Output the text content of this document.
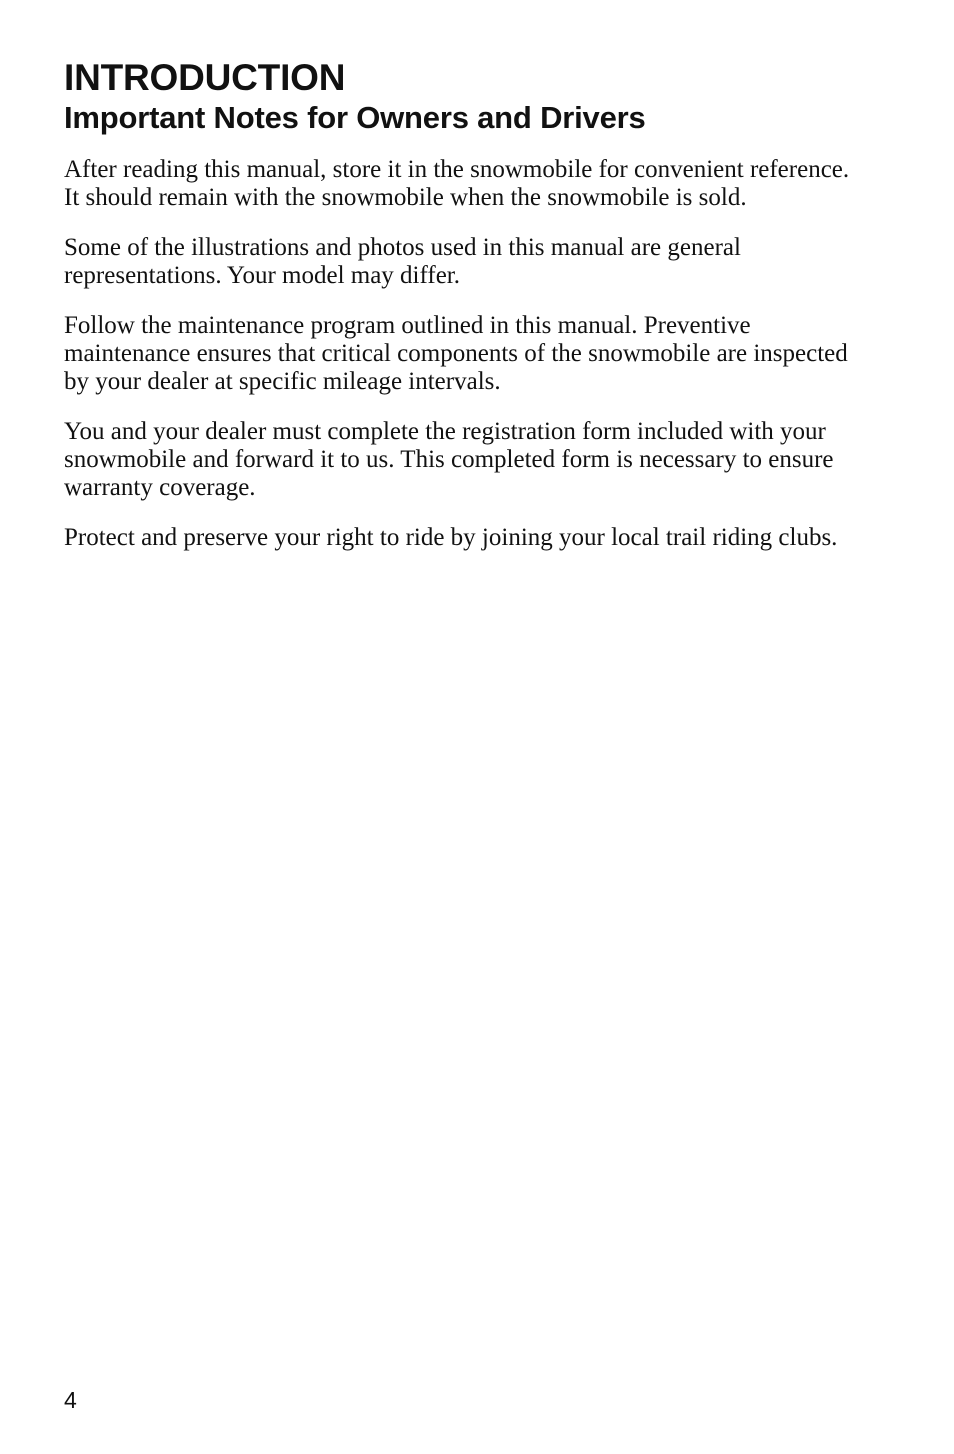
INTRODUCTION
Important Notes for Owners and Drivers

After reading this manual, store it in the snowmobile for convenient reference. It should remain with the snowmobile when the snowmobile is sold.

Some of the illustrations and photos used in this manual are general representations. Your model may differ.

Follow the maintenance program outlined in this manual. Preventive maintenance ensures that critical components of the snowmobile are inspected by your dealer at specific mileage intervals.

You and your dealer must complete the registration form included with your snowmobile and forward it to us. This completed form is necessary to ensure warranty coverage.

Protect and preserve your right to ride by joining your local trail riding clubs.

4
